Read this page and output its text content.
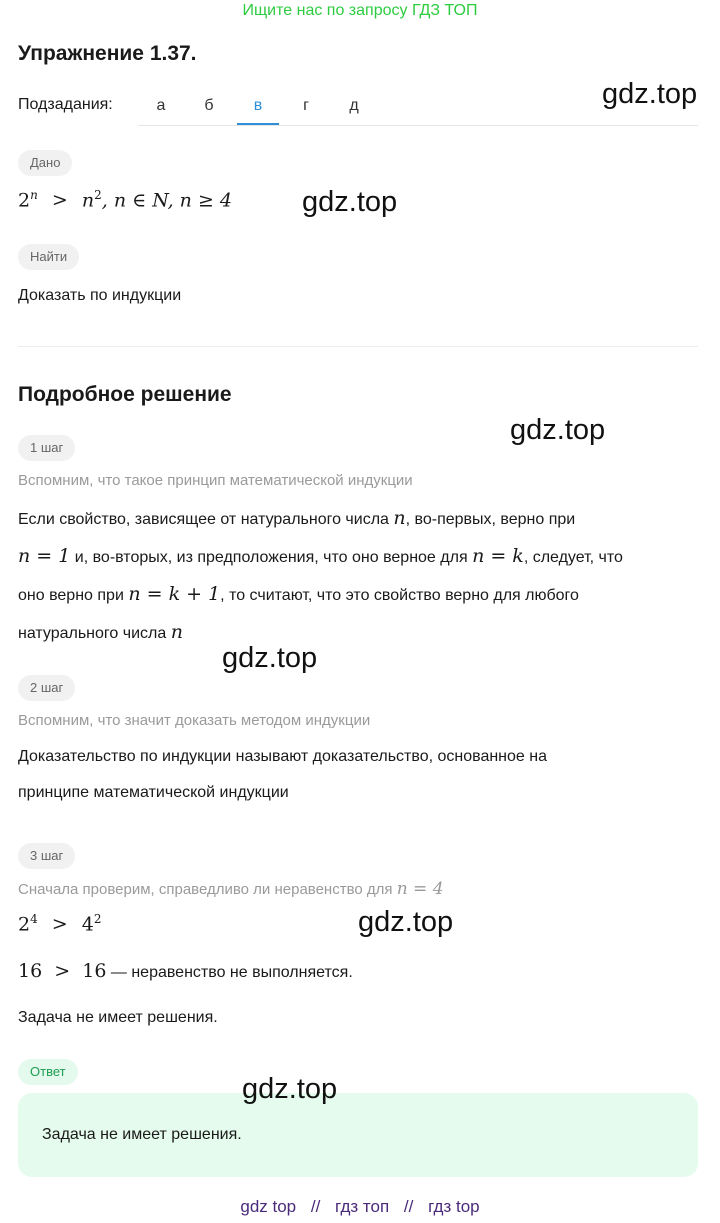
Ищите нас по запросу ГДЗ ТОП
Упражнение 1.37.
Подзадания:	а	б	в	г	д	gdz.top
Дано
$2^n > n^2$, n ∈ N, n ≥ 4 gdz.top
Найти
Доказать по индукции
Подробное решение
gdz.top
1 шаг
Вспомним, что такое принцип математической индукции
Если свойство, зависящее от натурального числа n, во-первых, верно при
n = 1 и, во-вторых, из предположения, что оно верное для n = k, следует, что
оно верно при n = k + 1, то считают, что это свойство верно для любого
натурального числа n
gdz.top
2 шаг
Вспомним, что значит доказать методом индукции
Доказательство по индукции называют доказательство, основанное на
принципе математической индукции
3 шаг
Сначала проверим, справедливо ли неравенство для n = 4
$2^4 > 4^2$	gdz.top
16  >  16 — неравенство не выполняется.
Задача не имеет решения.
Ответ
Задача не имеет решения.
gdz.top
gdz top // гдз топ // гдз top
